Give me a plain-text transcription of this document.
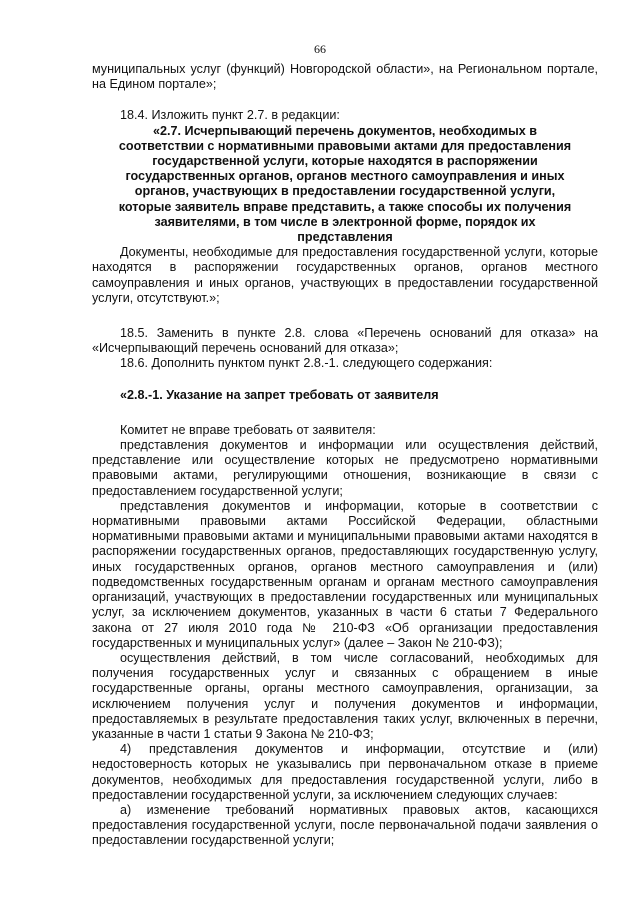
66

муниципальных услуг (функций) Новгородской области», на Региональном портале, на Едином портале»;

18.4. Изложить пункт 2.7. в редакции:

«2.7. Исчерпывающий перечень документов, необходимых в соответствии с нормативными правовыми актами для предоставления государственной услуги, которые находятся в распоряжении государственных органов, органов местного самоуправления и иных органов, участвующих в предоставлении государственной услуги, которые заявитель вправе представить, а также способы их получения заявителями, в том числе в электронной форме, порядок их представления

Документы, необходимые для предоставления государственной услуги, которые находятся в распоряжении государственных органов, органов местного самоуправления и иных органов, участвующих в предоставлении государственной услуги, отсутствуют.»;

18.5. Заменить в пункте 2.8. слова «Перечень оснований для отказа» на «Исчерпывающий перечень оснований для отказа»;

18.6. Дополнить пунктом пункт 2.8.-1. следующего содержания:

«2.8.-1. Указание на запрет требовать от заявителя

Комитет не вправе требовать от заявителя:

представления документов и информации или осуществления действий, представление или осуществление которых не предусмотрено нормативными правовыми актами, регулирующими отношения, возникающие в связи с предоставлением государственной услуги;

представления документов и информации, которые в соответствии с нормативными правовыми актами Российской Федерации, областными нормативными правовыми актами и муниципальными правовыми актами находятся в распоряжении государственных органов, предоставляющих государственную услугу, иных государственных органов, органов местного самоуправления и (или) подведомственных государственным органам и органам местного самоуправления организаций, участвующих в предоставлении государственных или муниципальных услуг, за исключением документов, указанных в части 6 статьи 7 Федерального закона от 27 июля 2010 года № 210-ФЗ «Об организации предоставления государственных и муниципальных услуг» (далее – Закон № 210-ФЗ);

осуществления действий, в том числе согласований, необходимых для получения государственных услуг и связанных с обращением в иные государственные органы, органы местного самоуправления, организации, за исключением получения услуг и получения документов и информации, предоставляемых в результате предоставления таких услуг, включенных в перечни, указанные в части 1 статьи 9 Закона № 210-ФЗ;

4) представления документов и информации, отсутствие и (или) недостоверность которых не указывались при первоначальном отказе в приеме документов, необходимых для предоставления государственной услуги, либо в предоставлении государственной услуги, за исключением следующих случаев:

а) изменение требований нормативных правовых актов, касающихся предоставления государственной услуги, после первоначальной подачи заявления о предоставлении государственной услуги;
